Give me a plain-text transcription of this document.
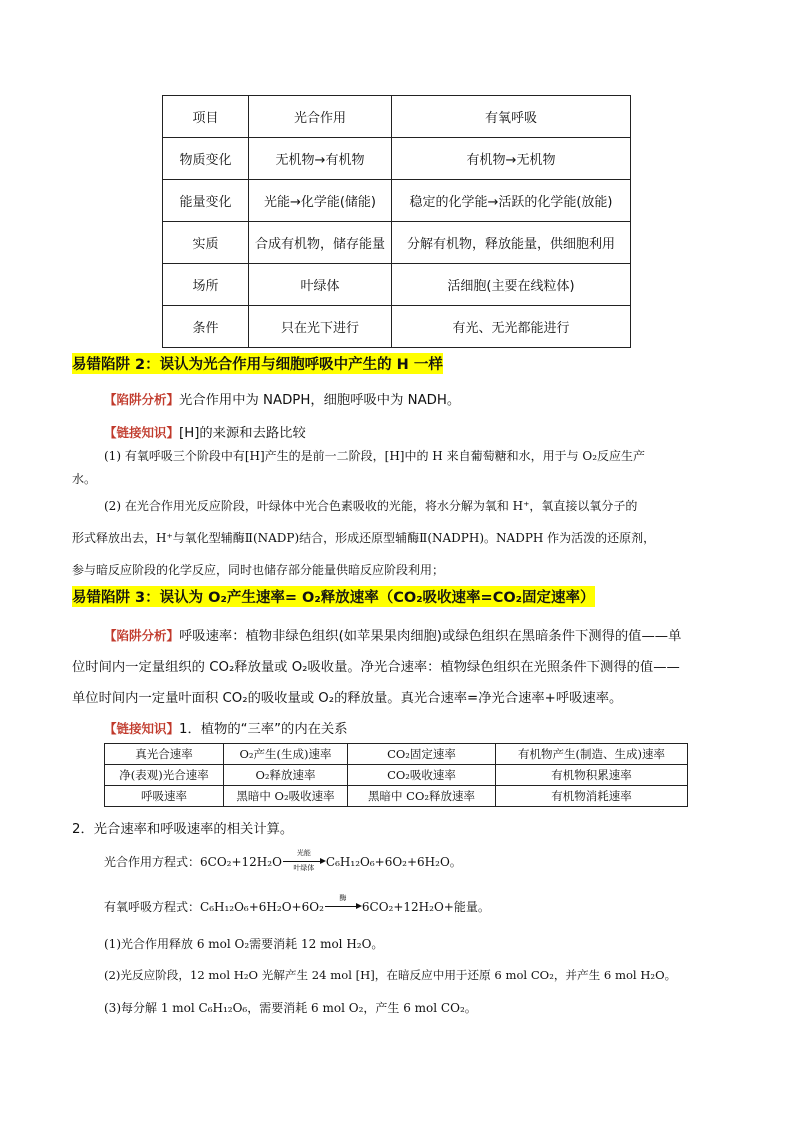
项目	光合作用	有氧呼吸
物质变化	无机物→有机物	有机物→无机物
能量变化	光能→化学能(储能)	稳定的化学能→活跃的化学能(放能)
实质	合成有机物，储存能量	分解有机物，释放能量，供细胞利用
场所	叶绿体	活细胞(主要在线粒体)
条件	只在光下进行	有光、无光都能进行
易错陷阱 2：误认为光合作用与细胞呼吸中产生的 H 一样
【陷阱分析】光合作用中为 NADPH，细胞呼吸中为 NADH。
【链接知识】[H]的来源和去路比较
(1) 有氧呼吸三个阶段中有[H]产生的是前一二阶段，[H]中的 H 来自葡萄糖和水，用于与 O₂反应生产
水。
(2) 在光合作用光反应阶段，叶绿体中光合色素吸收的光能，将水分解为氧和 H⁺，氧直接以氧分子的
形式释放出去，H⁺与氧化型辅酶Ⅱ(NADP)结合，形成还原型辅酶Ⅱ(NADPH)。NADPH 作为活泼的还原剂，
参与暗反应阶段的化学反应，同时也储存部分能量供暗反应阶段利用；
易错陷阱 3：误认为 O₂产生速率= O₂释放速率（CO₂吸收速率=CO₂固定速率）
【陷阱分析】呼吸速率：植物非绿色组织(如苹果果肉细胞)或绿色组织在黑暗条件下测得的值——单
位时间内一定量组织的 CO₂释放量或 O₂吸收量。净光合速率：植物绿色组织在光照条件下测得的值——
单位时间内一定量叶面积 CO₂的吸收量或 O₂的释放量。真光合速率=净光合速率+呼吸速率。
【链接知识】1．植物的“三率”的内在关系
真光合速率	O₂产生(生成)速率	CO₂固定速率	有机物产生(制造、生成)速率
净(表观)光合速率	O₂释放速率	CO₂吸收速率	有机物积累速率
呼吸速率	黑暗中 O₂吸收速率	黑暗中 CO₂释放速率	有机物消耗速率
2．光合速率和呼吸速率的相关计算。
光合作用方程式：6CO₂+12H₂O
光能
叶绿体 C₆H₁₂O₆+6O₂+6H₂O。
有氧呼吸方程式：C₆H₁₂O₆+6H₂O+6O₂
酶
6CO₂+12H₂O+能量。
(1)光合作用释放 6 mol O₂需要消耗 12 mol H₂O。
(2)光反应阶段，12 mol H₂O 光解产生 24 mol [H]，在暗反应中用于还原 6 mol CO₂，并产生 6 mol H₂O。
(3)每分解 1 mol C₆H₁₂O₆，需要消耗 6 mol O₂，产生 6 mol CO₂。
